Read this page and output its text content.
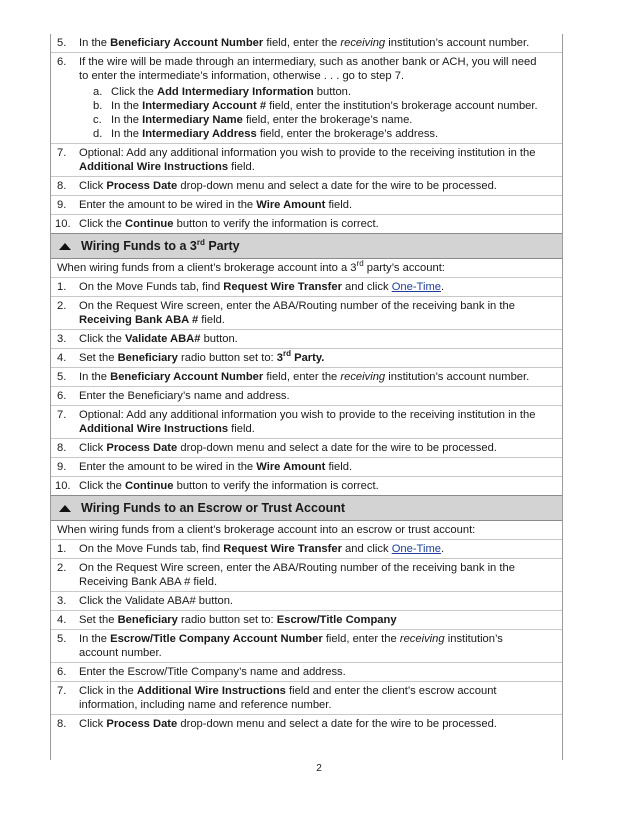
5. In the Beneficiary Account Number field, enter the receiving institution’s account number.
6. If the wire will be made through an intermediary, such as another bank or ACH, you will need
to enter the intermediate’s information, otherwise . . . go to step 7.
a. Click the Add Intermediary Information button.
b. In the Intermediary Account # field, enter the institution’s brokerage account number.
c. In the Intermediary Name field, enter the brokerage’s name.
d. In the Intermediary Address field, enter the brokerage’s address.
7. Optional: Add any additional information you wish to provide to the receiving institution in the
Additional Wire Instructions field.
8. Click Process Date drop-down menu and select a date for the wire to be processed.
9. Enter the amount to be wired in the Wire Amount field.
10. Click the Continue button to verify the information is correct.
Wiring Funds to a 3rd Party
When wiring funds from a client’s brokerage account into a 3rd party’s account:
1. On the Move Funds tab, find Request Wire Transfer and click One-Time.
2. On the Request Wire screen, enter the ABA/Routing number of the receiving bank in the
Receiving Bank ABA # field.
3. Click the Validate ABA# button.
4. Set the Beneficiary radio button set to: 3rd Party.
5. In the Beneficiary Account Number field, enter the receiving institution’s account number.
6. Enter the Beneficiary’s name and address.
7. Optional: Add any additional information you wish to provide to the receiving institution in the
Additional Wire Instructions field.
8. Click Process Date drop-down menu and select a date for the wire to be processed.
9. Enter the amount to be wired in the Wire Amount field.
10. Click the Continue button to verify the information is correct.
Wiring Funds to an Escrow or Trust Account
When wiring funds from a client’s brokerage account into an escrow or trust account:
1. On the Move Funds tab, find Request Wire Transfer and click One-Time.
2. On the Request Wire screen, enter the ABA/Routing number of the receiving bank in the
Receiving Bank ABA # field.
3. Click the Validate ABA# button.
4. Set the Beneficiary radio button set to: Escrow/Title Company
5. In the Escrow/Title Company Account Number field, enter the receiving institution’s
account number.
6. Enter the Escrow/Title Company’s name and address.
7. Click in the Additional Wire Instructions field and enter the client’s escrow account
information, including name and reference number.
8. Click Process Date drop-down menu and select a date for the wire to be processed.
2
